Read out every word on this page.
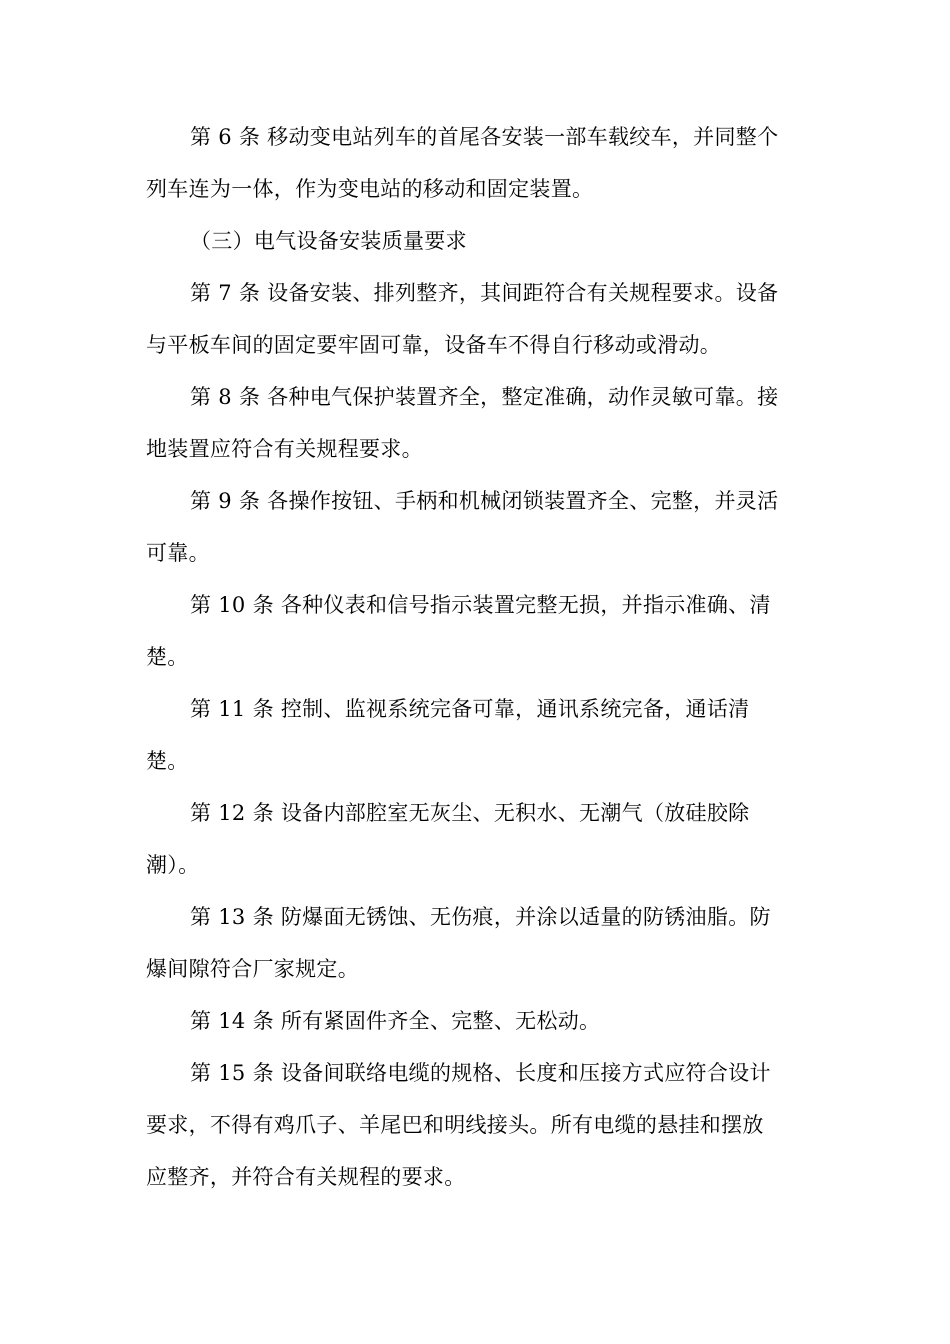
第 6 条 移动变电站列车的首尾各安装一部车载绞车，并同整个
列车连为一体，作为变电站的移动和固定装置。
（三）电气设备安装质量要求
第 7 条 设备安装、排列整齐，其间距符合有关规程要求。设备
与平板车间的固定要牢固可靠，设备车不得自行移动或滑动。
第 8 条 各种电气保护装置齐全，整定准确，动作灵敏可靠。接
地装置应符合有关规程要求。
第 9 条 各操作按钮、手柄和机械闭锁装置齐全、完整，并灵活
可靠。
第 10 条 各种仪表和信号指示装置完整无损，并指示准确、清
楚。
第 11 条 控制、监视系统完备可靠，通讯系统完备，通话清
楚。
第 12 条 设备内部腔室无灰尘、无积水、无潮气（放硅胶除
潮）。
第 13 条 防爆面无锈蚀、无伤痕，并涂以适量的防锈油脂。防
爆间隙符合厂家规定。
第 14 条 所有紧固件齐全、完整、无松动。
第 15 条 设备间联络电缆的规格、长度和压接方式应符合设计
要求，不得有鸡爪子、羊尾巴和明线接头。所有电缆的悬挂和摆放
应整齐，并符合有关规程的要求。
